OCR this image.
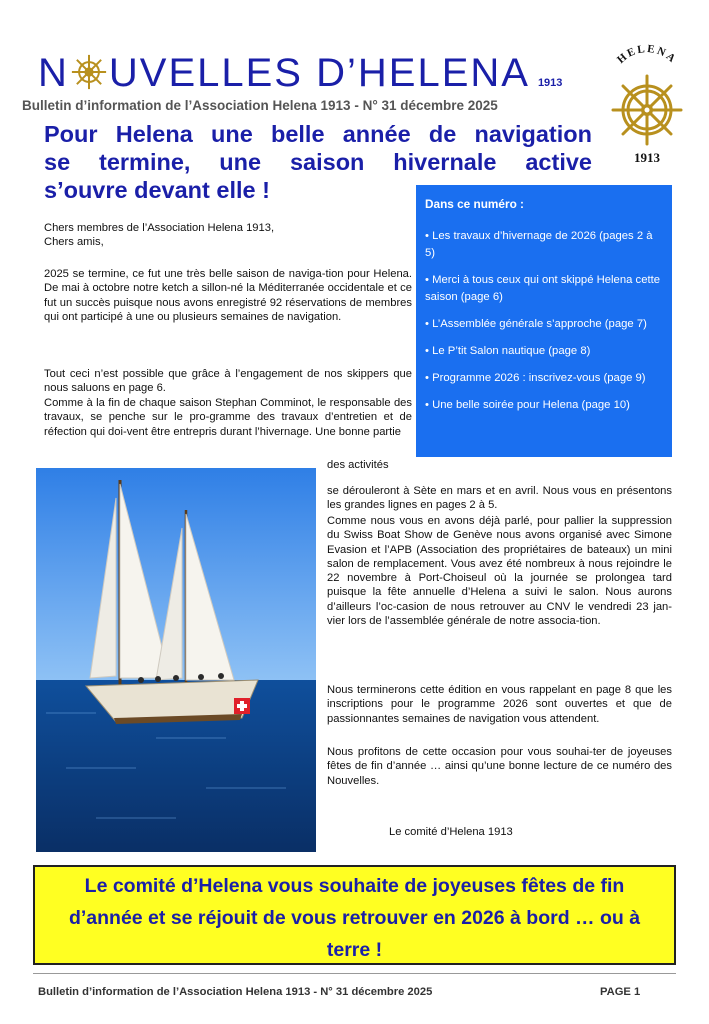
N UVELLES D’HELENA 1913
Bulletin d’information de l’Association Helena 1913 - N° 31 décembre 2025
HELENA
1913
Pour Helena une belle année de navigation
se termine, une saison hivernale active
s’ouvre devant elle !
Dans ce numéro :
• Les travaux d’hivernage de 2026 (pages 2 à 5)
• Merci à tous ceux qui ont skippé Helena cette saison (page 6)
• L’Assemblée générale s’approche (page 7)
• Le P’tit Salon nautique (page 8)
• Programme 2026 : inscrivez-vous (page 9)
• Une belle soirée pour Helena (page 10)
Chers membres de l’Association Helena 1913,
Chers amis,
2025 se termine, ce fut une très belle saison de naviga-tion pour Helena. De mai à octobre notre ketch a sillon-né la Méditerranée occidentale et ce fut un succès puisque nous avons enregistré 92 réservations de membres qui ont participé à une ou plusieurs semaines de navigation.
Tout ceci n’est possible que grâce à l’engagement de nos skippers que nous saluons en page 6.
Comme à la fin de chaque saison Stephan Comminot, le responsable des travaux, se penche sur le pro-gramme des travaux d’entretien et de réfection qui doi-vent être entrepris durant l’hivernage. Une bonne partie
des activités
se dérouleront à Sète en mars et en avril. Nous vous en présentons les grandes lignes en pages 2 à 5.
Comme nous vous en avons déjà parlé, pour pallier la suppression du Swiss Boat Show de Genève nous avons organisé avec Simone Evasion et l’APB (Association des propriétaires de bateaux) un mini salon de remplacement. Vous avez été nombreux à nous rejoindre le 22 novembre à Port-Choiseul où la journée se prolongea tard puisque la fête annuelle d’Helena a suivi le salon. Nous aurons d’ailleurs l’oc-casion de nous retrouver au CNV le vendredi 23 jan-vier lors de l’assemblée générale de notre associa-tion.
Nous terminerons cette édition en vous rappelant en page 8 que les inscriptions pour le programme 2026 sont ouvertes et que de passionnantes semaines de navigation vous attendent.
Nous profitons de cette occasion pour vous souhai-ter de joyeuses fêtes de fin d’année … ainsi qu’une bonne lecture de ce numéro des Nouvelles.
Le comité d’Helena 1913
Le comité d’Helena vous souhaite de joyeuses fêtes de fin d’année et se réjouit de vous retrouver en 2026 à bord … ou à terre !
Bulletin d’information de l’Association Helena 1913 - N° 31 décembre 2025	PAGE 1
